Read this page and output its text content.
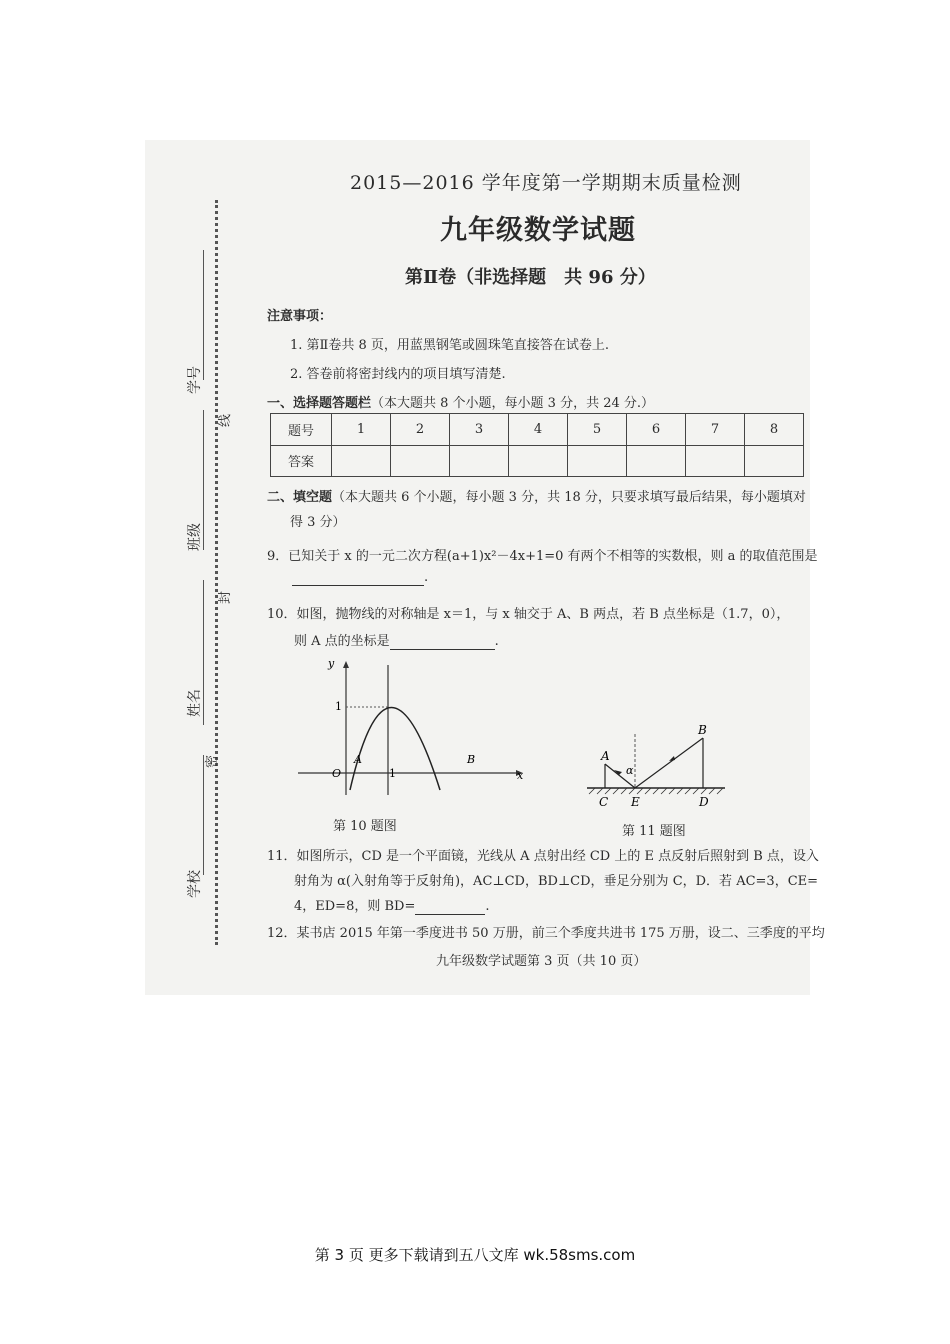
学号
班级
姓名
学校
线
封
密
2015—2016 学年度第一学期期末质量检测
九年级数学试题
第Ⅱ卷（非选择题　共 96 分）
注意事项：
1. 第Ⅱ卷共 8 页，用蓝黑钢笔或圆珠笔直接答在试卷上.
2. 答卷前将密封线内的项目填写清楚.
一、选择题答题栏（本大题共 8 个小题，每小题 3 分，共 24 分.）
题号	1	2	3	4	5	6	7	8
答案								
二、填空题（本大题共 6 个小题，每小题 3 分，共 18 分，只要求填写最后结果，每小题填对
得 3 分）
9．已知关于 x 的一元二次方程(a+1)x²－4x+1=0 有两个不相等的实数根，则 a 的取值范围是
.
10．如图，抛物线的对称轴是 x＝1，与 x 轴交于 A、B 两点，若 B 点坐标是（1.7，0），
则 A 点的坐标是	.
y
x
O
1
1
A	B
第 10 题图
A
B
C E	D
α
第 11 题图
11．如图所示，CD 是一个平面镜，光线从 A 点射出经 CD 上的 E 点反射后照射到 B 点，设入
射角为 α(入射角等于反射角)，AC⊥CD，BD⊥CD，垂足分别为 C，D．若 AC=3，CE=
4，ED=8，则 BD=	.
12．某书店 2015 年第一季度进书 50 万册，前三个季度共进书 175 万册，设二、三季度的平均
九年级数学试题第 3 页（共 10 页）
第 3 页 更多下载请到五八文库 wk.58sms.com
